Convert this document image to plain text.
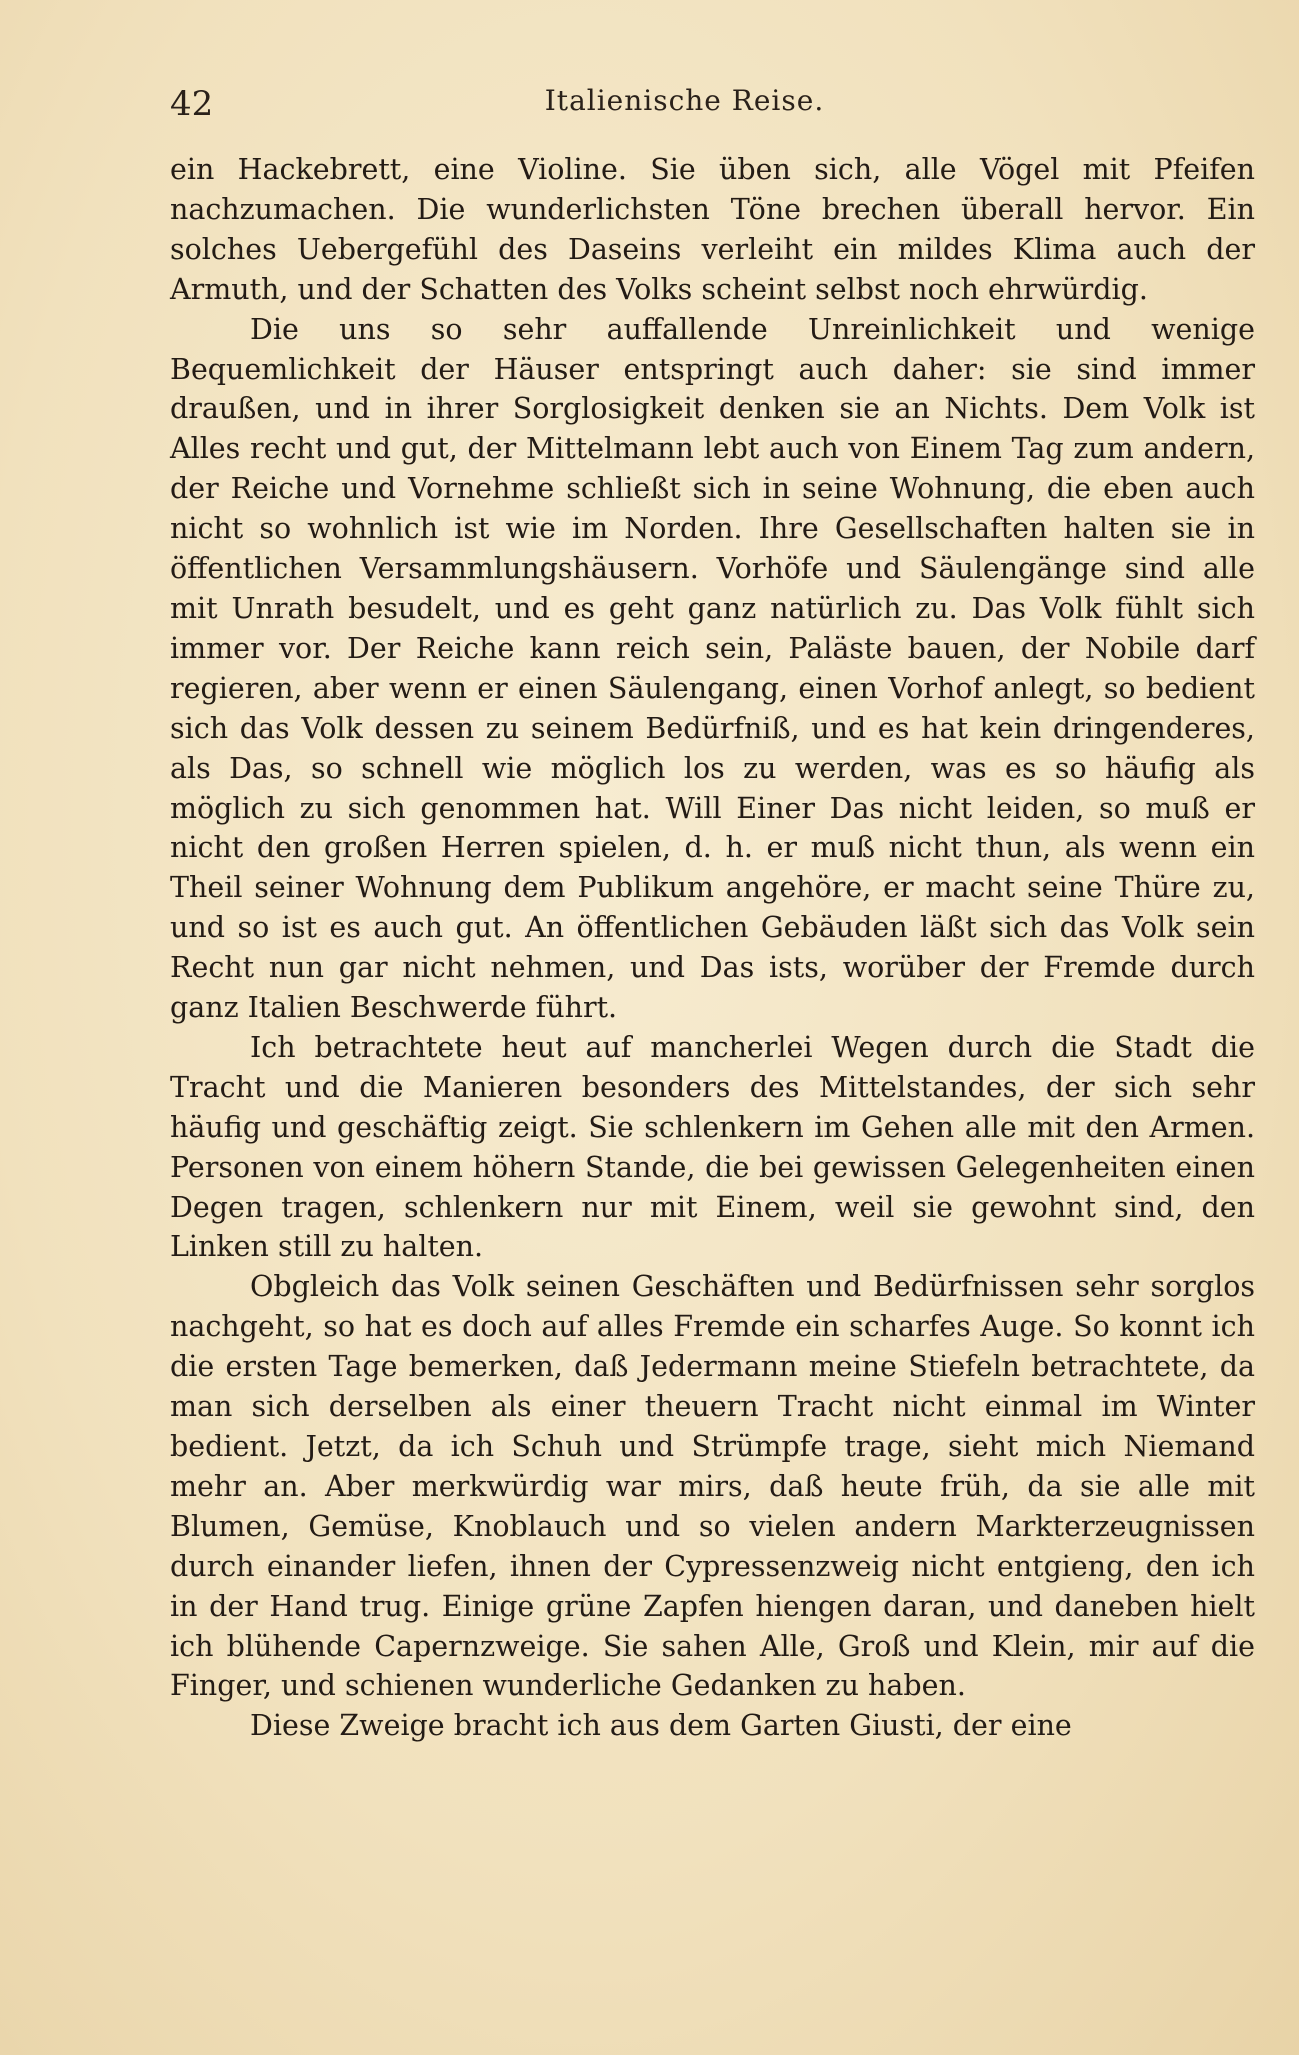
42	Italienische Reise.

ein Hackebrett, eine Violine. Sie üben sich, alle Vögel mit Pfeifen nachzumachen. Die wunderlichsten Töne brechen überall hervor. Ein solches Uebergefühl des Daseins verleiht ein mildes Klima auch der Armuth, und der Schatten des Volks scheint selbst noch ehrwürdig.

Die uns so sehr auffallende Unreinlichkeit und wenige Bequemlichkeit der Häuser entspringt auch daher: sie sind immer draußen, und in ihrer Sorglosigkeit denken sie an Nichts. Dem Volk ist Alles recht und gut, der Mittelmann lebt auch von Einem Tag zum andern, der Reiche und Vornehme schließt sich in seine Wohnung, die eben auch nicht so wohnlich ist wie im Norden. Ihre Gesellschaften halten sie in öffentlichen Versammlungshäusern. Vorhöfe und Säulengänge sind alle mit Unrath besudelt, und es geht ganz natürlich zu. Das Volk fühlt sich immer vor. Der Reiche kann reich sein, Paläste bauen, der Nobile darf regieren, aber wenn er einen Säulengang, einen Vorhof anlegt, so bedient sich das Volk dessen zu seinem Bedürfniß, und es hat kein dringenderes, als Das, so schnell wie möglich los zu werden, was es so häufig als möglich zu sich genommen hat. Will Einer Das nicht leiden, so muß er nicht den großen Herren spielen, d. h. er muß nicht thun, als wenn ein Theil seiner Wohnung dem Publikum angehöre, er macht seine Thüre zu, und so ist es auch gut. An öffentlichen Gebäuden läßt sich das Volk sein Recht nun gar nicht nehmen, und Das ists, worüber der Fremde durch ganz Italien Beschwerde führt.

Ich betrachtete heut auf mancherlei Wegen durch die Stadt die Tracht und die Manieren besonders des Mittelstandes, der sich sehr häufig und geschäftig zeigt. Sie schlenkern im Gehen alle mit den Armen. Personen von einem höhern Stande, die bei gewissen Gelegenheiten einen Degen tragen, schlenkern nur mit Einem, weil sie gewohnt sind, den Linken still zu halten.

Obgleich das Volk seinen Geschäften und Bedürfnissen sehr sorglos nachgeht, so hat es doch auf alles Fremde ein scharfes Auge. So konnt ich die ersten Tage bemerken, daß Jedermann meine Stiefeln betrachtete, da man sich derselben als einer theuern Tracht nicht einmal im Winter bedient. Jetzt, da ich Schuh und Strümpfe trage, sieht mich Niemand mehr an. Aber merkwürdig war mirs, daß heute früh, da sie alle mit Blumen, Gemüse, Knoblauch und so vielen andern Markterzeugnissen durch einander liefen, ihnen der Cypressenzweig nicht entgieng, den ich in der Hand trug. Einige grüne Zapfen hiengen daran, und daneben hielt ich blühende Capernzweige. Sie sahen Alle, Groß und Klein, mir auf die Finger, und schienen wunderliche Gedanken zu haben.

Diese Zweige bracht ich aus dem Garten Giusti, der eine
